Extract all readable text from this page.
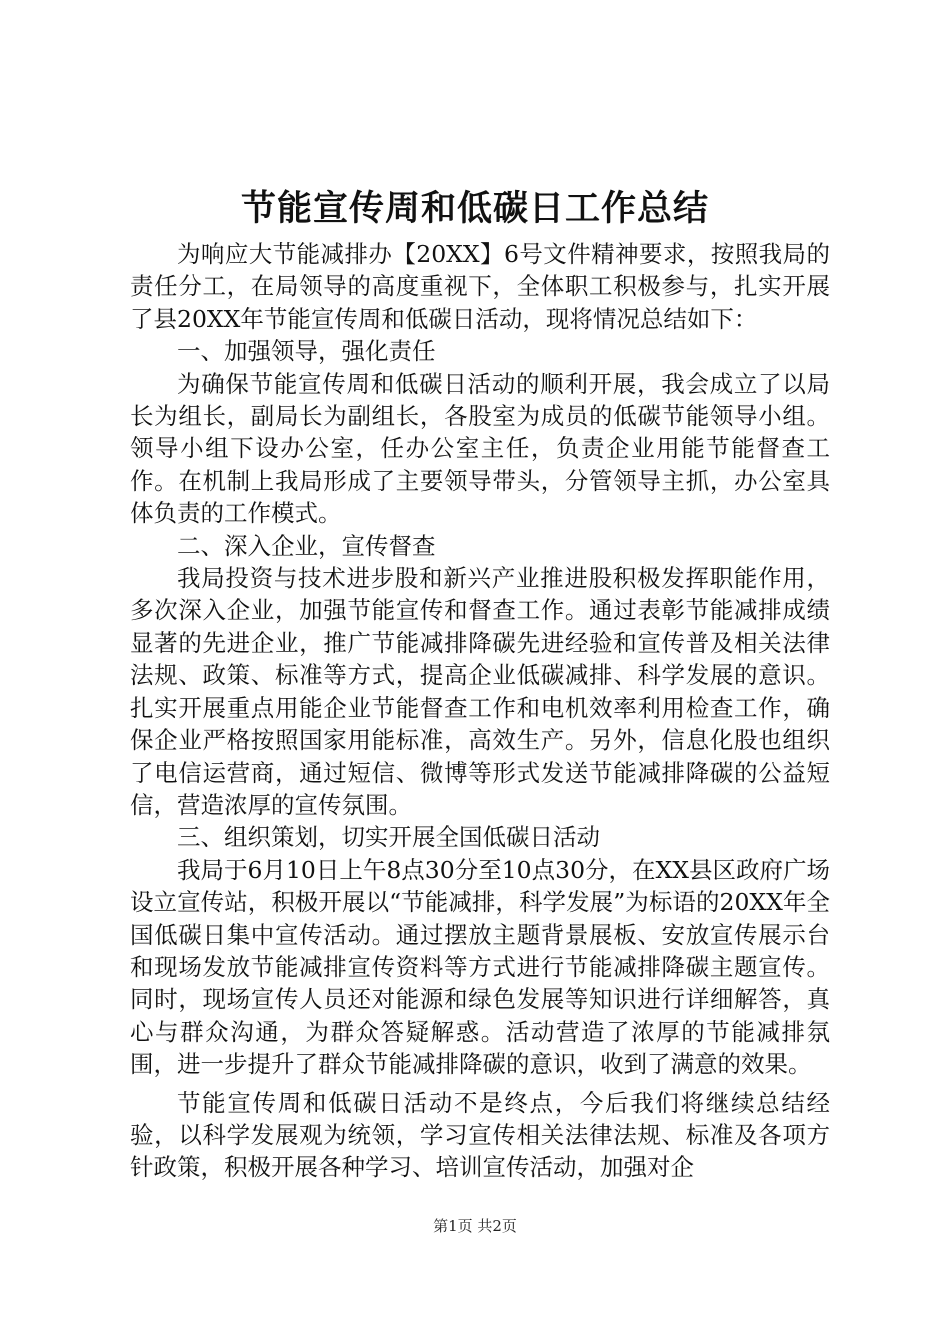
节能宣传周和低碳日工作总结

为响应大节能减排办【20XX】6号文件精神要求，按照我局的责任分工，在局领导的高度重视下，全体职工积极参与，扎实开展了县20XX年节能宣传周和低碳日活动，现将情况总结如下：

一、加强领导，强化责任

为确保节能宣传周和低碳日活动的顺利开展，我会成立了以局长为组长，副局长为副组长，各股室为成员的低碳节能领导小组。领导小组下设办公室，任办公室主任，负责企业用能节能督查工作。在机制上我局形成了主要领导带头，分管领导主抓，办公室具体负责的工作模式。

二、深入企业，宣传督查

我局投资与技术进步股和新兴产业推进股积极发挥职能作用，多次深入企业，加强节能宣传和督查工作。通过表彰节能减排成绩显著的先进企业，推广节能减排降碳先进经验和宣传普及相关法律法规、政策、标准等方式，提高企业低碳减排、科学发展的意识。扎实开展重点用能企业节能督查工作和电机效率利用检查工作，确保企业严格按照国家用能标准，高效生产。另外，信息化股也组织了电信运营商，通过短信、微博等形式发送节能减排降碳的公益短信，营造浓厚的宣传氛围。

三、组织策划，切实开展全国低碳日活动

我局于6月10日上午8点30分至10点30分，在XX县区政府广场设立宣传站，积极开展以“节能减排，科学发展”为标语的20XX年全国低碳日集中宣传活动。通过摆放主题背景展板、安放宣传展示台和现场发放节能减排宣传资料等方式进行节能减排降碳主题宣传。同时，现场宣传人员还对能源和绿色发展等知识进行详细解答，真心与群众沟通，为群众答疑解惑。活动营造了浓厚的节能减排氛围，进一步提升了群众节能减排降碳的意识，收到了满意的效果。

节能宣传周和低碳日活动不是终点，今后我们将继续总结经验，以科学发展观为统领，学习宣传相关法律法规、标准及各项方针政策，积极开展各种学习、培训宣传活动，加强对企

第1页 共2页
